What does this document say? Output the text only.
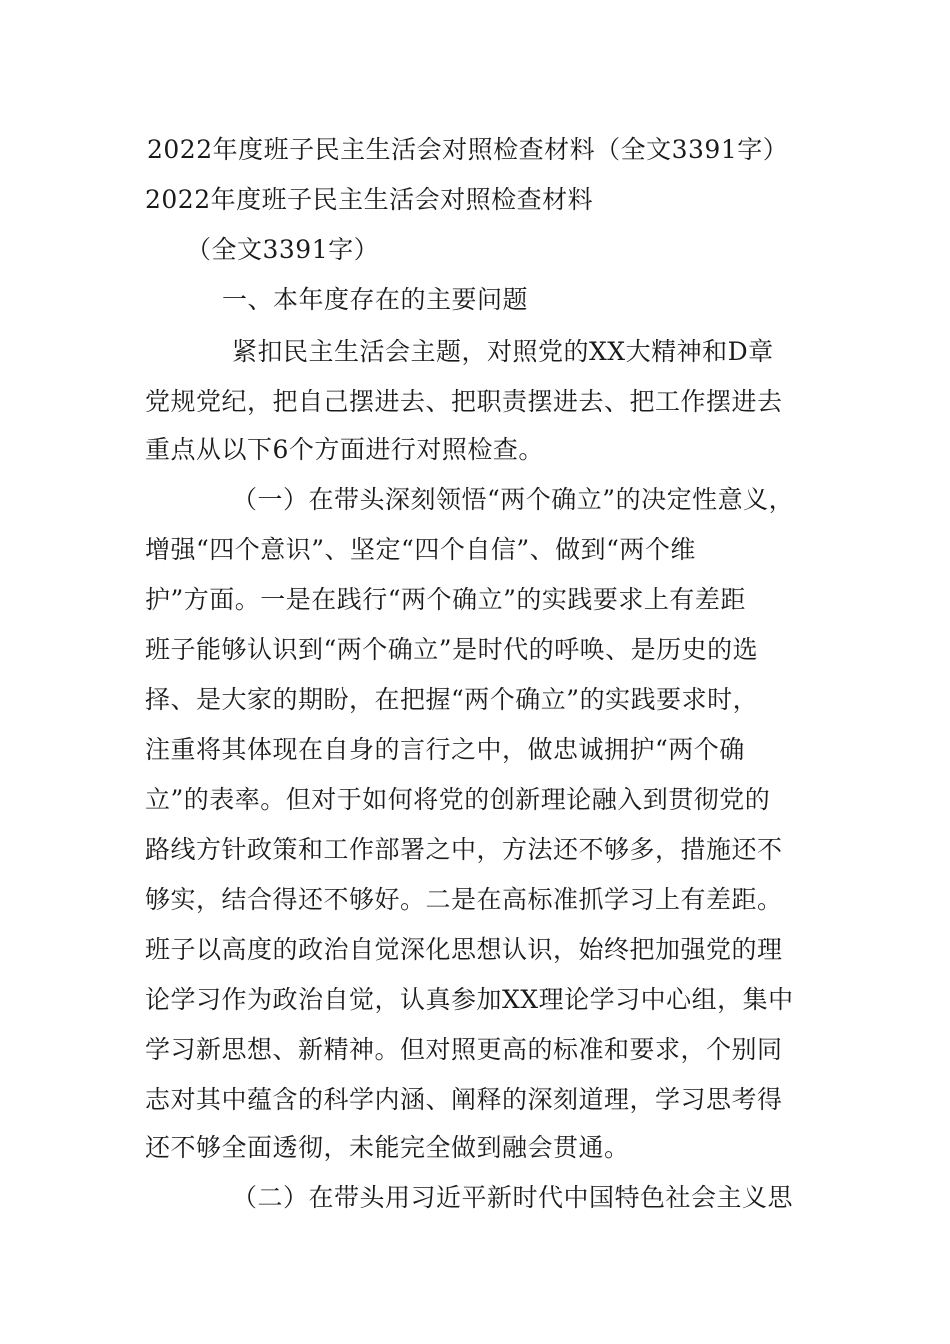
2022年度班子民主生活会对照检查材料（全文3391字）
2022年度班子民主生活会对照检查材料
（全文3391字）
一、本年度存在的主要问题
紧扣民主生活会主题，对照党的XX大精神和D章
党规党纪，把自己摆进去、把职责摆进去、把工作摆进去
重点从以下6个方面进行对照检查。
（一）在带头深刻领悟“两个确立”的决定性意义，
增强“四个意识”、坚定“四个自信”、做到“两个维
护”方面。一是在践行“两个确立”的实践要求上有差距
班子能够认识到“两个确立”是时代的呼唤、是历史的选
择、是大家的期盼，在把握“两个确立”的实践要求时，
注重将其体现在自身的言行之中，做忠诚拥护“两个确
立”的表率。但对于如何将党的创新理论融入到贯彻党的
路线方针政策和工作部署之中，方法还不够多，措施还不
够实，结合得还不够好。二是在高标准抓学习上有差距。
班子以高度的政治自觉深化思想认识，始终把加强党的理
论学习作为政治自觉，认真参加XX理论学习中心组，集中
学习新思想、新精神。但对照更高的标准和要求，个别同
志对其中蕴含的科学内涵、阐释的深刻道理，学习思考得
还不够全面透彻，未能完全做到融会贯通。
（二）在带头用习近平新时代中国特色社会主义思
